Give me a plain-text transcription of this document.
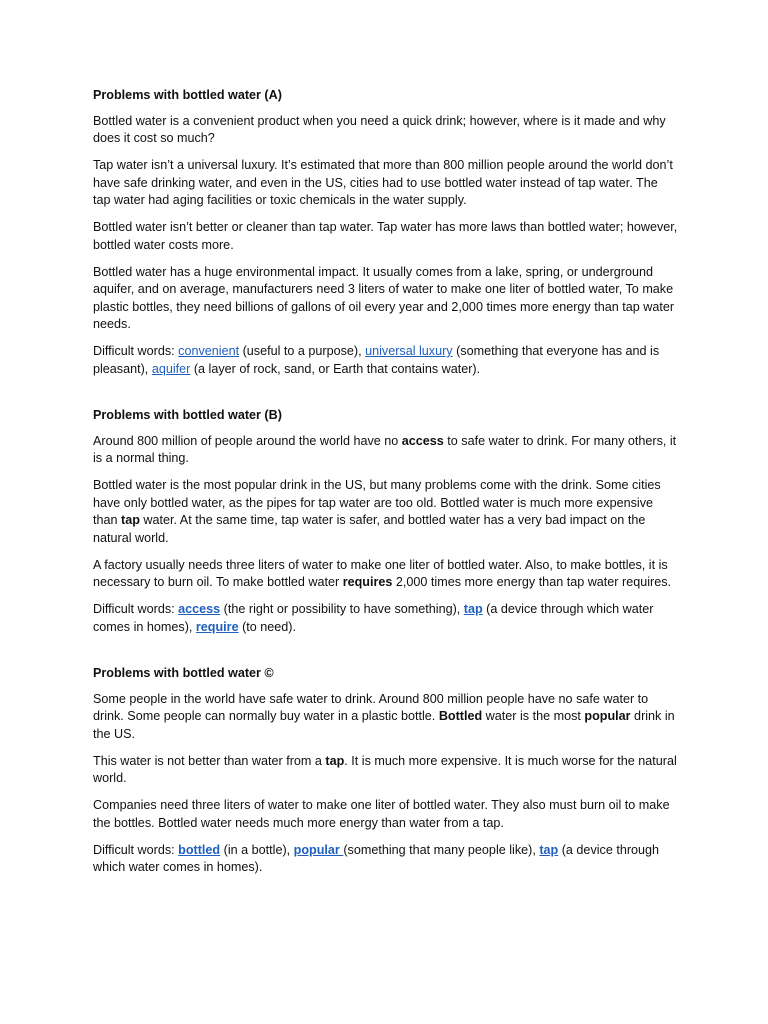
Problems with bottled water (A)

Bottled water is a convenient product when you need a quick drink; however, where is it made and why does it cost so much?

Tap water isn’t a universal luxury. It’s estimated that more than 800 million people around the world don’t have safe drinking water, and even in the US, cities had to use bottled water instead of tap water. The tap water had aging facilities or toxic chemicals in the water supply.

Bottled water isn’t better or cleaner than tap water. Tap water has more laws than bottled water; however, bottled water costs more.

Bottled water has a huge environmental impact. It usually comes from a lake, spring, or underground aquifer, and on average, manufacturers need 3 liters of water to make one liter of bottled water, To make plastic bottles, they need billions of gallons of oil every year and 2,000 times more energy than tap water needs.

Difficult words: convenient (useful to a purpose), universal luxury (something that everyone has and is pleasant), aquifer (a layer of rock, sand, or Earth that contains water).

Problems with bottled water (B)

Around 800 million of people around the world have no access to safe water to drink. For many others, it is a normal thing.

Bottled water is the most popular drink in the US, but many problems come with the drink. Some cities have only bottled water, as the pipes for tap water are too old. Bottled water is much more expensive than tap water. At the same time, tap water is safer, and bottled water has a very bad impact on the natural world.

A factory usually needs three liters of water to make one liter of bottled water. Also, to make bottles, it is necessary to burn oil. To make bottled water requires 2,000 times more energy than tap water requires.

Difficult words: access (the right or possibility to have something), tap (a device through which water comes in homes), require (to need).

Problems with bottled water ©

Some people in the world have safe water to drink. Around 800 million people have no safe water to drink. Some people can normally buy water in a plastic bottle. Bottled water is the most popular drink in the US.

This water is not better than water from a tap. It is much more expensive. It is much worse for the natural world.

Companies need three liters of water to make one liter of bottled water. They also must burn oil to make the bottles. Bottled water needs much more energy than water from a tap.

Difficult words: bottled (in a bottle), popular (something that many people like), tap (a device through which water comes in homes).
